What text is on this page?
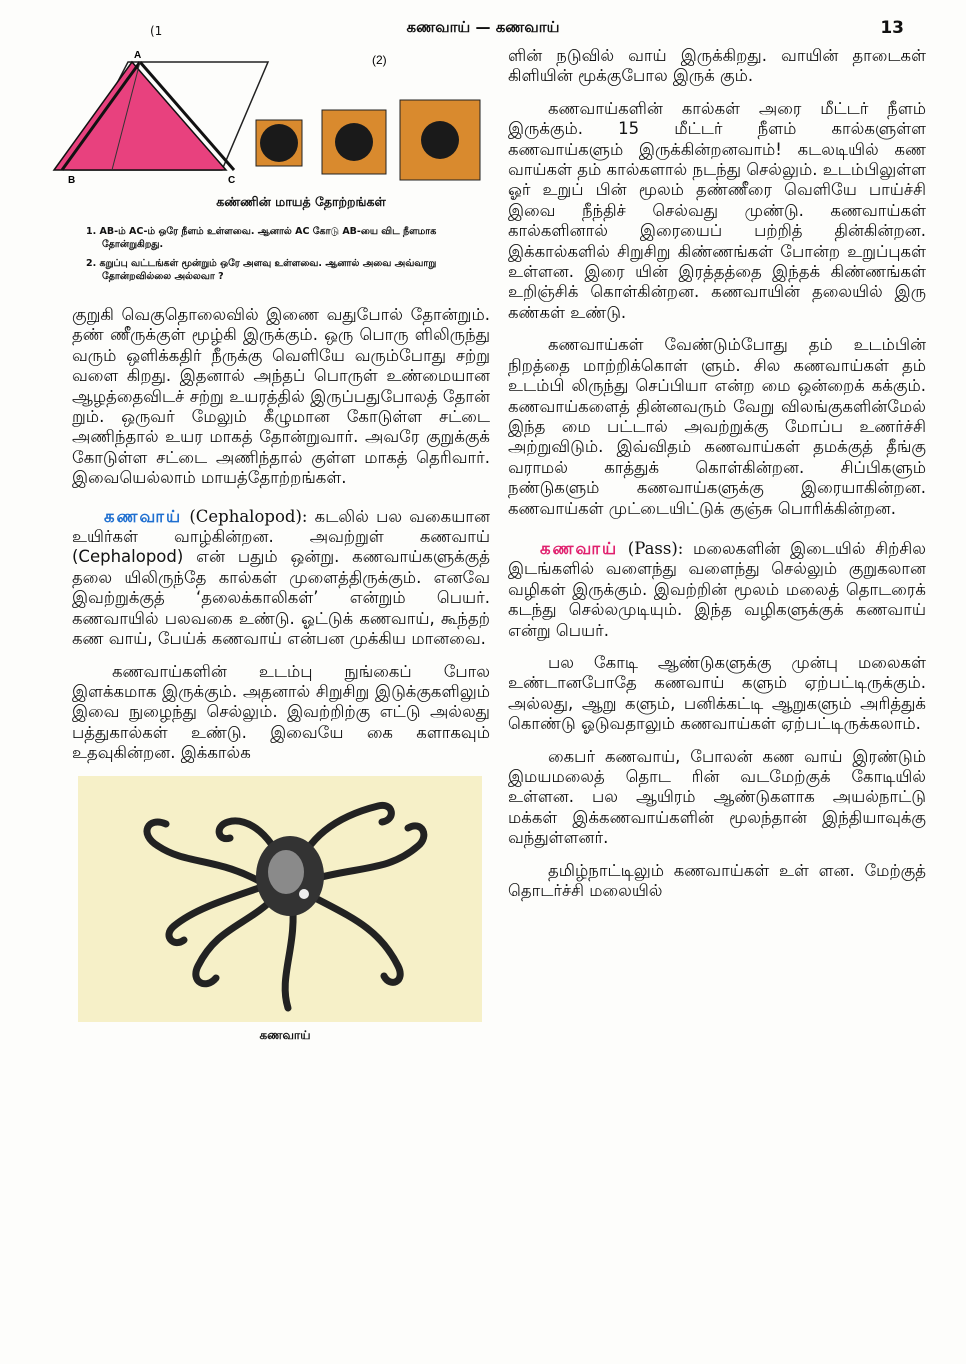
(1	கணவாய் — கணவாய்	13
A
B	C
(2)
கண்ணின் மாயத் தோற்றங்கள்

1. AB-ம் AC-ம் ஒரே நீளம் உள்ளவை. ஆனால் AC கோடு AB-யை விட நீளமாக தோன்றுகிறது.

2. கறுப்பு வட்டங்கள் மூன்றும் ஒரே அளவு உள்ளவை. ஆனால் அவை அவ்வாறு தோன்றவில்லை அல்லவா ?

குறுகி வெகுதொலைவில் இணை வதுபோல் தோன்றும். தண் ணீருக்குள் மூழ்கி இருக்கும். ஒரு பொரு ளிலிருந்து வரும் ஒளிக்கதிர் நீருக்கு வெளியே வரும்போது சற்று வளை கிறது. இதனால் அந்தப் பொருள் உண்மையான ஆழத்தைவிடச் சற்று உயரத்தில் இருப்பதுபோலத் தோன் றும். ஒருவர் மேலும் கீழுமான கோடுள்ள சட்டை அணிந்தால் உயர மாகத் தோன்றுவார். அவரே குறுக்குக் கோடுள்ள சட்டை அணிந்தால் குள்ள மாகத் தெரிவார். இவையெல்லாம் மாயத்தோற்றங்கள்.

கணவாய் (Cephalopod): கடலில் பல வகையான உயிர்கள் வாழ்கின்றன. அவற்றுள் கணவாய் (Cephalopod) என் பதும் ஒன்று. கணவாய்களுக்குத் தலை யிலிருந்தே கால்கள் முளைத்திருக்கும். எனவே இவற்றுக்குத் ‘தலைக்காலிகள்’ என்றும் பெயர். கணவாயில் பலவகை உண்டு. ஓட்டுக் கணவாய், கூந்தற் கண வாய், பேய்க் கணவாய் என்பன முக்கிய மானவை.

கணவாய்களின் உடம்பு நுங்கைப் போல இளக்கமாக இருக்கும். அதனால் சிறுசிறு இடுக்குகளிலும் இவை நுழைந்து செல்லும். இவற்றிற்கு எட்டு அல்லது பத்துகால்கள் உண்டு. இவையே கை களாகவும் உதவுகின்றன. இக்கால்க

கணவாய்

ளின் நடுவில் வாய் இருக்கிறது. வாயின் தாடைகள் கிளியின் மூக்குபோல இருக் கும்.

கணவாய்களின் கால்கள் அரை மீட்டர் நீளம் இருக்கும். 15 மீட்டர் நீளம் கால்களுள்ள கணவாய்களும் இருக்கின்றனவாம்! கடலடியில் கண வாய்கள் தம் கால்களால் நடந்து செல்லும். உடம்பிலுள்ள ஓர் உறுப் பின் மூலம் தண்ணீரை வெளியே பாய்ச்சி இவை நீந்திச் செல்வது முண்டு. கணவாய்கள் கால்களினால் இரையைப் பற்றித் தின்கின்றன. இக்கால்களில் சிறுசிறு கிண்ணங்கள் போன்ற உறுப்புகள் உள்ளன. இரை யின் இரத்தத்தை இந்தக் கிண்ணங்கள் உறிஞ்சிக் கொள்கின்றன. கணவாயின் தலையில் இரு கண்கள் உண்டு.

கணவாய்கள் வேண்டும்போது தம் உடம்பின் நிறத்தை மாற்றிக்கொள் ளும். சில கணவாய்கள் தம் உடம்பி லிருந்து செப்பியா என்ற மை ஒன்றைக் கக்கும். கணவாய்களைத் தின்னவரும் வேறு விலங்குகளின்மேல் இந்த மை பட்டால் அவற்றுக்கு மோப்ப உணர்ச்சி அற்றுவிடும். இவ்விதம் கணவாய்கள் தமக்குத் தீங்கு வராமல் காத்துக் கொள்கின்றன. சிப்பிகளும் நண்டுகளும் கணவாய்களுக்கு இரையாகின்றன. கணவாய்கள் முட்டையிட்டுக் குஞ்சு பொரிக்கின்றன.

கணவாய் (Pass): மலைகளின் இடையில் சிற்சில இடங்களில் வளைந்து வளைந்து செல்லும் குறுகலான வழிகள் இருக்கும். இவற்றின் மூலம் மலைத் தொடரைக் கடந்து செல்லமுடியும். இந்த வழிகளுக்குக் கணவாய் என்று பெயர்.

பல கோடி ஆண்டுகளுக்கு முன்பு மலைகள் உண்டானபோதே கணவாய் களும் ஏற்பட்டிருக்கும். அல்லது, ஆறு களும், பனிக்கட்டி ஆறுகளும் அரித்துக் கொண்டு ஓடுவதாலும் கணவாய்கள் ஏற்பட்டிருக்கலாம்.

கைபர் கணவாய், போலன் கண வாய் இரண்டும் இமயமலைத் தொட ரின் வடமேற்குக் கோடியில் உள்ளன. பல ஆயிரம் ஆண்டுகளாக அயல்நாட்டு மக்கள் இக்கணவாய்களின் மூலந்தான் இந்தியாவுக்கு வந்துள்ளனர்.

தமிழ்நாட்டிலும் கணவாய்கள் உள் ளன. மேற்குத் தொடர்ச்சி மலையில்
